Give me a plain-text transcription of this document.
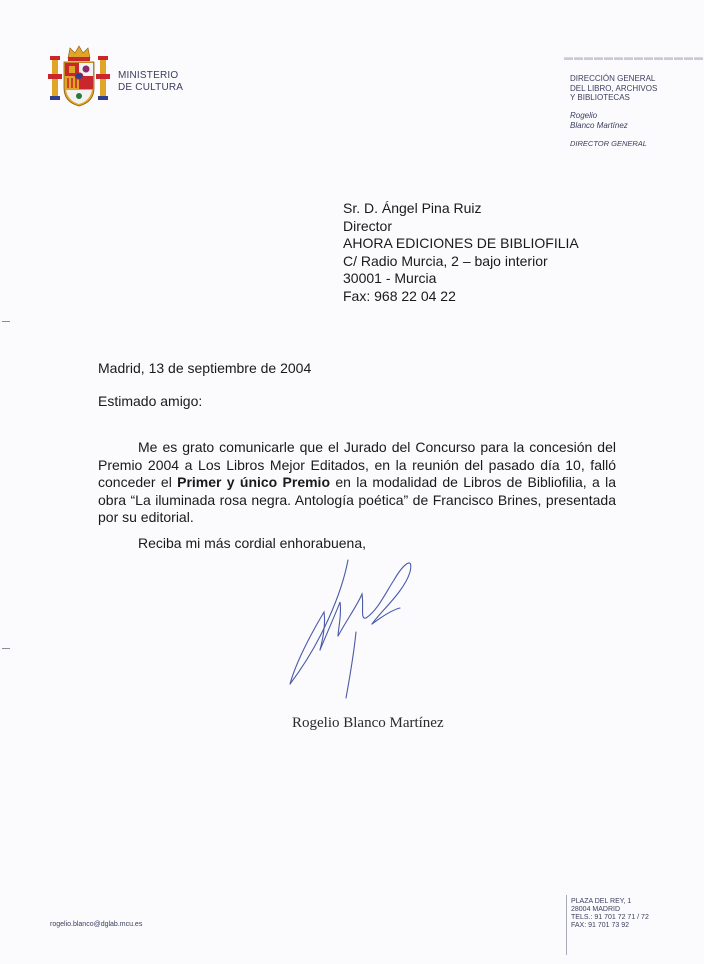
MINISTERIO
DE CULTURA
▬▬▬▬▬▬▬▬▬▬▬▬▬▬
DIRECCIÓN GENERAL
DEL LIBRO, ARCHIVOS
Y BIBLIOTECAS
Rogelio
Blanco Martínez
DIRECTOR GENERAL
Sr. D. Ángel Pina Ruiz
Director
AHORA EDICIONES DE BIBLIOFILIA
C/ Radio Murcia, 2 – bajo interior
30001 - Murcia
Fax: 968 22 04 22
Madrid, 13 de septiembre de 2004
Estimado amigo:
Me es grato comunicarle que el Jurado del Concurso para la concesión del Premio 2004 a Los Libros Mejor Editados, en la reunión del pasado día 10, falló conceder el Primer y único Premio en la modalidad de Libros de Bibliofilia, a la obra “La iluminada rosa negra. Antología poética” de Francisco Brines, presentada por su editorial.
Reciba mi más cordial enhorabuena,
Rogelio Blanco Martínez
rogelio.blanco@dglab.mcu.es
PLAZA DEL REY, 1
28004 MADRID
TELS.: 91 701 72 71 / 72
FAX: 91 701 73 92
